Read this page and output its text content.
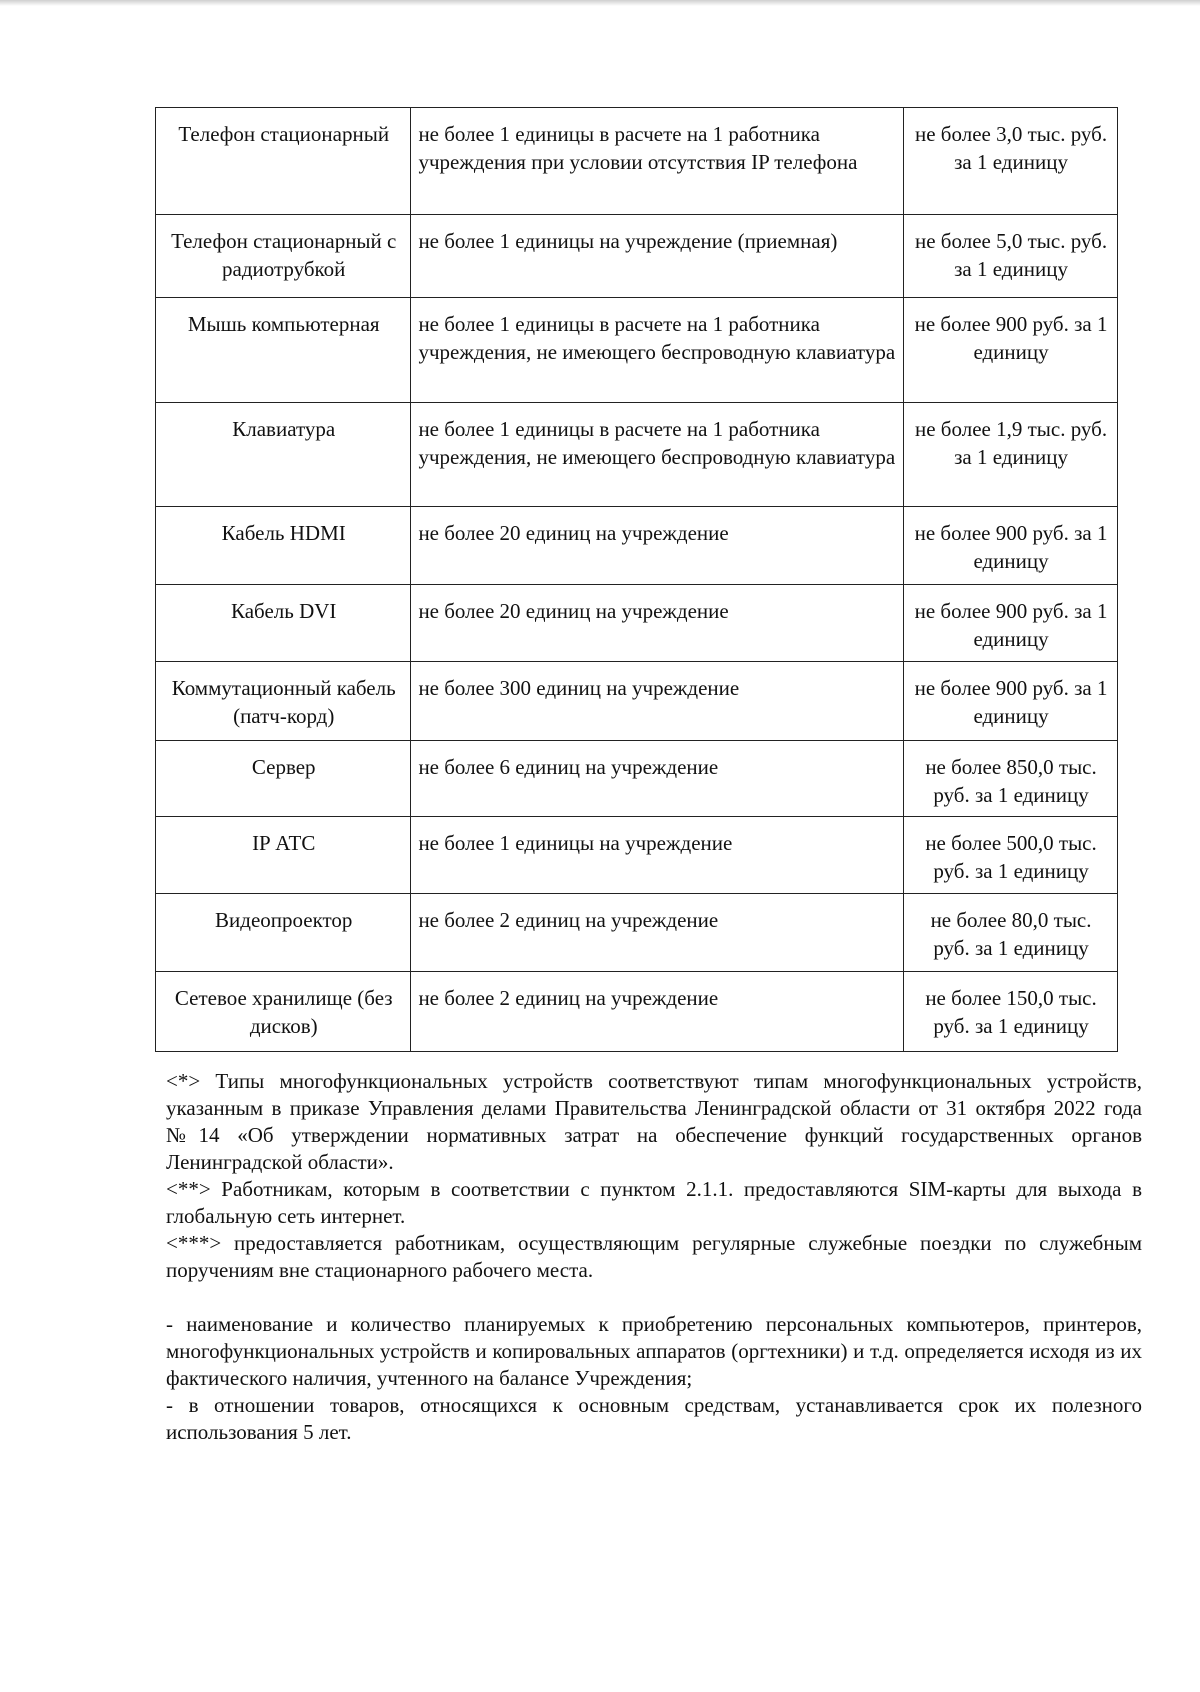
Телефон стационарный	не более 1 единицы в расчете на 1 работника учреждения при условии отсутствия IP телефона	не более 3,0 тыс. руб. за 1 единицу
Телефон стационарный с радиотрубкой	не более 1 единицы на учреждение (приемная)	не более 5,0 тыс. руб. за 1 единицу
Мышь компьютерная	не более 1 единицы в расчете на 1 работника учреждения, не имеющего беспроводную клавиатура	не более 900 руб. за 1 единицу
Клавиатура	не более 1 единицы в расчете на 1 работника учреждения, не имеющего беспроводную клавиатура	не более 1,9 тыс. руб. за 1 единицу
Кабель HDMI	не более 20 единиц на учреждение	не более 900 руб. за 1 единицу
Кабель DVI	не более 20 единиц на учреждение	не более 900 руб. за 1 единицу
Коммутационный кабель (патч-корд)	не более 300 единиц на учреждение	не более 900 руб. за 1 единицу
Сервер	не более 6 единиц на учреждение	не более 850,0 тыс. руб. за 1 единицу
IP АТС	не более 1 единицы на учреждение	не более 500,0 тыс. руб. за 1 единицу
Видеопроектор	не более 2 единиц на учреждение	не более 80,0 тыс. руб. за 1 единицу
Сетевое хранилище (без дисков)	не более 2 единиц на учреждение	не более 150,0 тыс. руб. за 1 единицу

<*> Типы многофункциональных устройств соответствуют типам многофункциональных устройств, указанным в приказе Управления делами Правительства Ленинградской области от 31 октября 2022 года №14 «Об утверждении нормативных затрат на обеспечение функций государственных органов Ленинградской области».

<**> Работникам, которым в соответствии с пунктом 2.1.1. предоставляются SIM-карты для выхода в глобальную сеть интернет.

<***> предоставляется работникам, осуществляющим регулярные служебные поездки по служебным поручениям вне стационарного рабочего места.

- наименование и количество планируемых к приобретению персональных компьютеров, принтеров, многофункциональных устройств и копировальных аппаратов (оргтехники) и т.д. определяется исходя из их фактического наличия, учтенного на балансе Учреждения;

- в отношении товаров, относящихся к основным средствам, устанавливается срок их полезного использования 5 лет.
